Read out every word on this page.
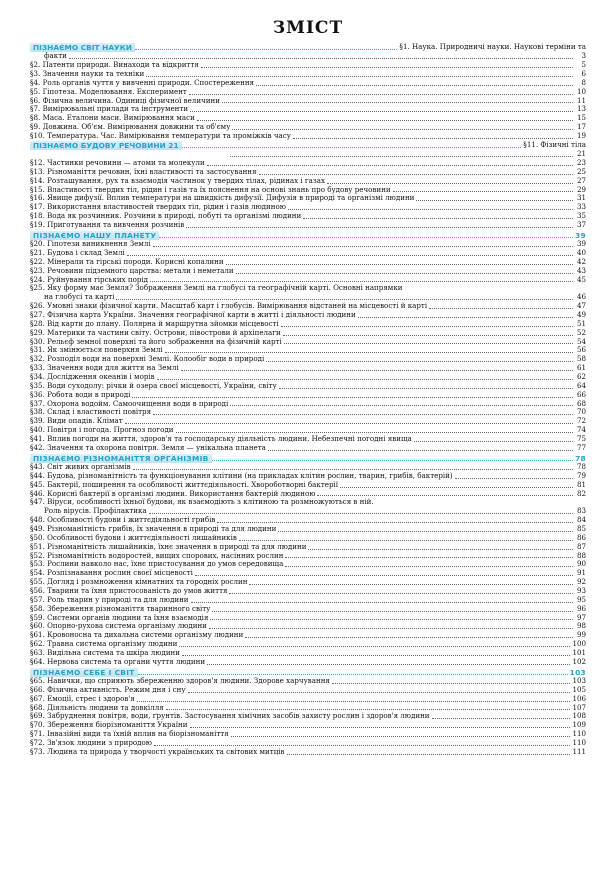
ЗМІСТ
ПІЗНАЄМО СВІТ НАУКИ	§1. Наука. Природничі науки. Наукові терміни та
факти	3
§2. Патенти природи. Винаходи та відкриття	5
§3. Значення науки та техніки	6
§4. Роль органів чуття у вивченні природи. Спостереження	8
§5. Гіпотеза. Моделювання. Експеримент	10
§6. Фізична величина. Одиниці фізичної величини	11
§7. Вимірювальні прилади та інструменти	13
§8. Маса. Еталони маси. Вимірювання маси	15
§9. Довжина. Об'єм. Вимірювання довжини та об'єму	17
§10. Температура. Час. Вимірювання температури та проміжків часу	19
ПІЗНАЄМО БУДОВУ РЕЧОВИНИ 21	§11. Фізичні тіла
21
§12. Частинки речовини — атоми та молекули	23
§13. Різноманіття речовин, їхні властивості та застосування	25
§14. Розташування, рух та взаємодія частинок у твердих тілах, рідинах і газах	27
§15. Властивості твердих тіл, рідин і газів та їх пояснення на основі знань про будову речовини	29
§16. Явище дифузії. Вплив температури на швидкість дифузії. Дифузія в природі та організмі людини	31
§17. Використання властивостей твердих тіл, рідин і газів людиною	33
§18. Вода як розчинник. Розчини в природі, побуті та організмі людини	35
§19. Приготування та вивчення розчинів	37
ПІЗНАЄМО НАШУ ПЛАНЕТУ	39
§20. Гіпотези виникнення Землі	39
§21. Будова і склад Землі	40
§22. Мінерали та гірські породи. Корисні копалини	42
§23. Речовини підземного царства: метали і неметали	43
§24. Руйнування гірських порід	45
§25. Яку форму має Земля? Зображення Землі на глобусі та географічній карті. Основні напрямки
на глобусі та карті	46
§26. Умовні знаки фізичної карти. Масштаб карт і глобусів. Вимірювання відстаней на місцевості й карті	47
§27. Фізична карта України. Значення географічної карти в житті і діяльності людини	49
§28. Від карти до плану. Полярна й маршрутна зйомки місцевості	51
§29. Материки та частини світу. Острови, півострови й архіпелаги	52
§30. Рельєф земної поверхні та його зображення на фізичній карті	54
§31. Як змінюється поверхня Землі	56
§32. Розподіл води на поверхні Землі. Колообіг води в природі	58
§33. Значення води для життя на Землі	61
§34. Дослідження океанів і морів	62
§35. Води суходолу: річки й озера своєї місцевості, України, світу	64
§36. Робота води в природі	66
§37. Охорона водойм. Самоочищення води в природі	68
§38. Склад і властивості повітря	70
§39. Види опадів. Клімат	72
§40. Повітря і погода. Прогноз погоди	74
§41. Вплив погоди на життя, здоров'я та господарську діяльність людини. Небезпечні погодні явища	75
§42. Значення та охорона повітря. Земля — унікальна планета	77
ПІЗНАЄМО РІЗНОМАНІТТЯ ОРГАНІЗМІВ	78
§43. Світ живих організмів	78
§44. Будова, різноманітність та функціонування клітини (на прикладах клітин рослин, тварин, грибів, бактерій)	79
§45. Бактерії, поширення та особливості життєдіяльності. Хвороботворні бактерії	81
§46. Корисні бактерії в організмі людини. Використання бактерій людиною	82
§47. Віруси, особливості їхньої будови, як взаємодіють з клітиною та розмножуються в ній.
Роль вірусів. Профілактика	83
§48. Особливості будови і життєдіяльності грибів	84
§49. Різноманітність грибів, їх значення в природі та для людини	85
§50. Особливості будови і життєдіяльності лишайників	86
§51. Різноманітність лишайників, їхнє значення в природі та для людини	87
§52. Різноманітність водоростей, вищих спорових, насінних рослин	88
§53. Рослини навколо нас, їхнє пристосування до умов середовища	90
§54. Розпізнавання рослин своєї місцевості	91
§55. Догляд і розмноження кімнатних та городніх рослин	92
§56. Тварини та їхня пристосованість до умов життя	93
§57. Роль тварин у природі та для людини	95
§58. Збереження різноманіття тваринного світу	96
§59. Системи органів людини та їхня взаємодія	97
§60. Опорно-рухова система організму людини	98
§61. Кровоносна та дихальна системи організму людини	99
§62. Травна система організму людини	100
§63. Видільна система та шкіра людини	101
§64. Нервова система та органи чуття людини	102
ПІЗНАЄМО СЕБЕ І СВІТ	103
§65. Навички, що сприяють збереженню здоров'я людини. Здорове харчування	103
§66. Фізична активність. Режим дня і сну	105
§67. Емоції, стрес і здоров'я	106
§68. Діяльність людини та довкілля	107
§69. Забруднення повітря, води, ґрунтів. Застосування хімічних засобів захисту рослин і здоров'я людини	108
§70. Збереження біорізноманіття України	109
§71. Інвазійні види та їхній вплив на біорізноманіття	110
§72. Зв'язок людини з природою	110
§73. Людина та природа у творчості українських та світових митців	111
